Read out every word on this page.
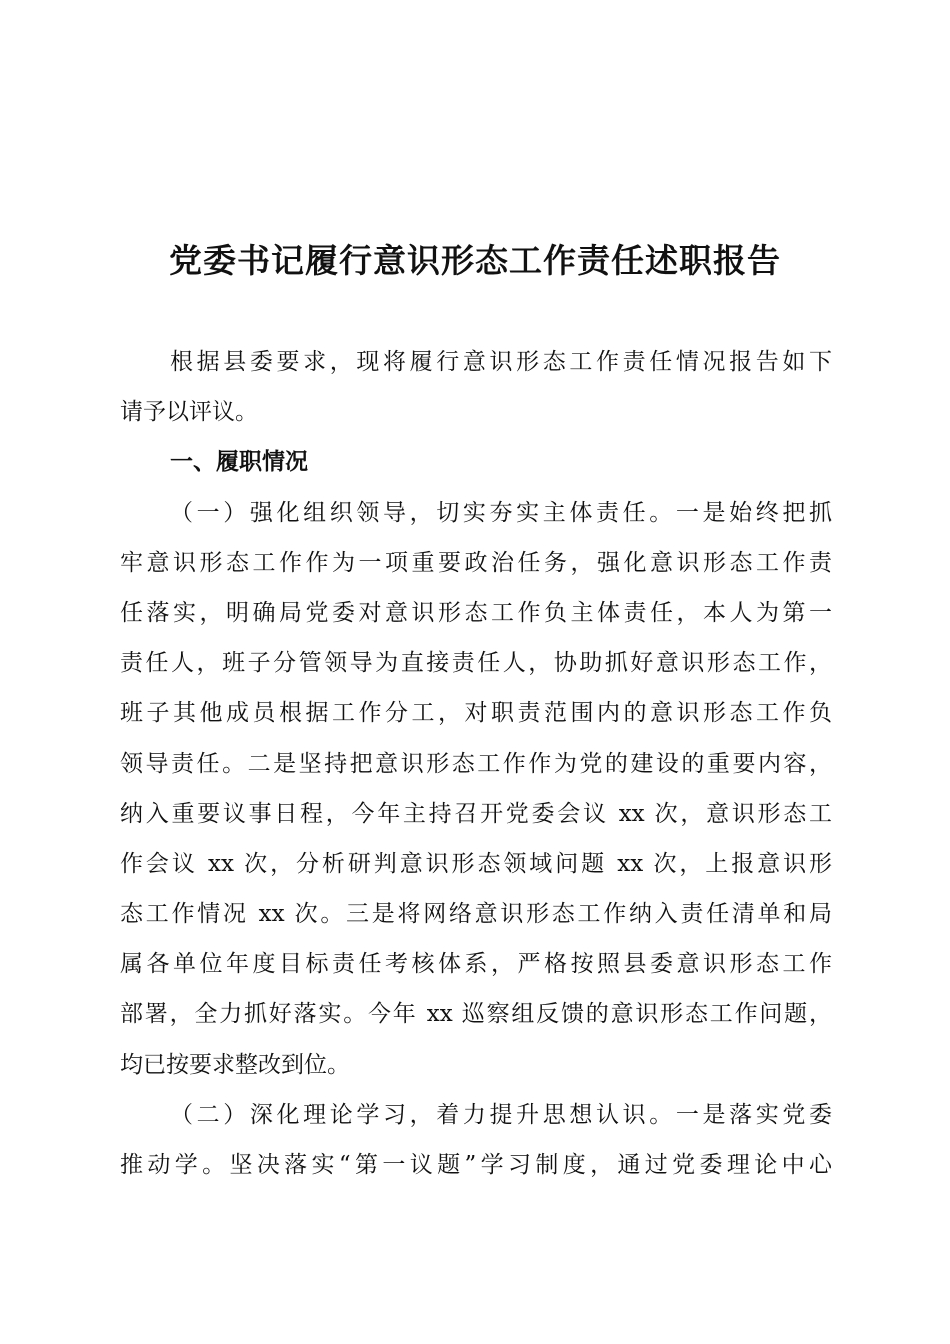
党委书记履行意识形态工作责任述职报告
根据县委要求，现将履行意识形态工作责任情况报告如下
请予以评议。
一、履职情况
（一）强化组织领导，切实夯实主体责任。一是始终把抓
牢意识形态工作作为一项重要政治任务，强化意识形态工作责
任落实，明确局党委对意识形态工作负主体责任，本人为第一
责任人，班子分管领导为直接责任人，协助抓好意识形态工作，
班子其他成员根据工作分工，对职责范围内的意识形态工作负
领导责任。二是坚持把意识形态工作作为党的建设的重要内容，
纳入重要议事日程，今年主持召开党委会议 xx 次，意识形态工
作会议 xx 次，分析研判意识形态领域问题 xx 次，上报意识形
态工作情况 xx 次。三是将网络意识形态工作纳入责任清单和局
属各单位年度目标责任考核体系，严格按照县委意识形态工作
部署，全力抓好落实。今年 xx 巡察组反馈的意识形态工作问题，
均已按要求整改到位。
（二）深化理论学习，着力提升思想认识。一是落实党委
推动学。坚决落实“第一议题”学习制度，通过党委理论中心
